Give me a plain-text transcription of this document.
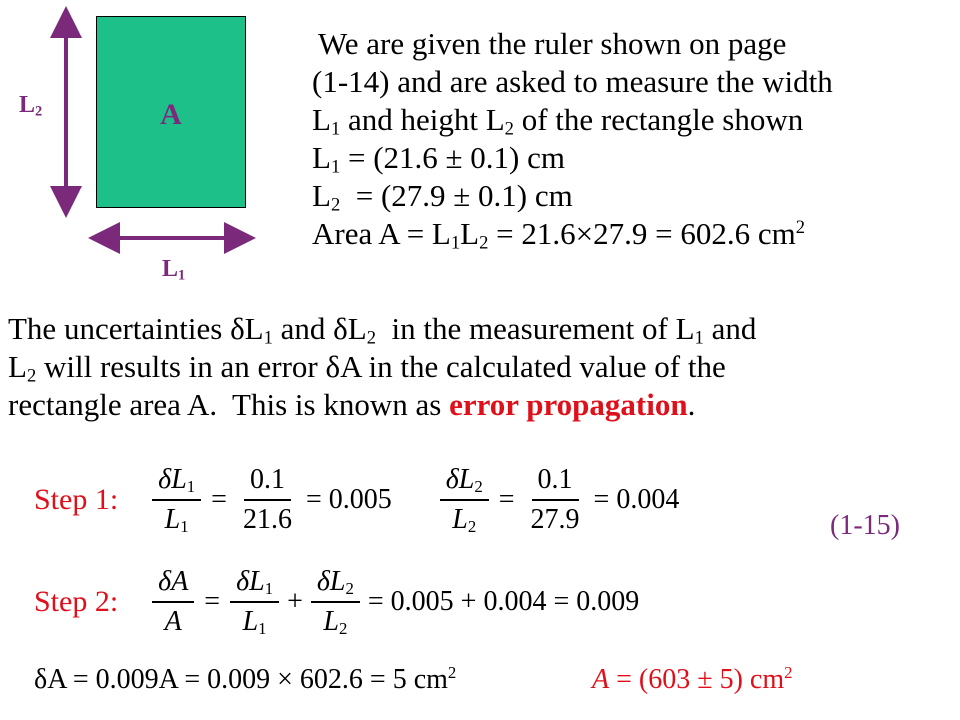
A
$L_2$
$L_1$
We are given the ruler shown on page
(1-14) and are asked to measure the width
$L_1$ and height $L_2$ of the rectangle shown
$L_1 = (21.6 \pm 0.1)$ cm
$L_2 = (27.9 \pm 0.1)$ cm
Area $A = L_1L_2 = 21.6\times 27.9 = 602.6$ $cm^2$
The uncertainties $\delta L_1$ and $\delta L_2$  in the measurement of $L_1$ and
$L_2$ will results in an error δA in the calculated value of the
rectangle area A.  This is known as error propagation.
Step 1: $\frac{\delta L1}{L1} = \frac{0.1}{21.6} = 0.005 \frac{\delta L2}{L2} = \frac{0.1}{27.9} = 0.004$
(1-15)
Step 2: $\frac{\delta A}{A} = \frac{\delta L1}{L1} + \frac{\delta L2}{L2} = 0.005 + 0.004 = 0.009$
δA = 0.009A = 0.009 × 602.6 = 5 $cm^2$	A = (603 ± 5) $cm^2$
